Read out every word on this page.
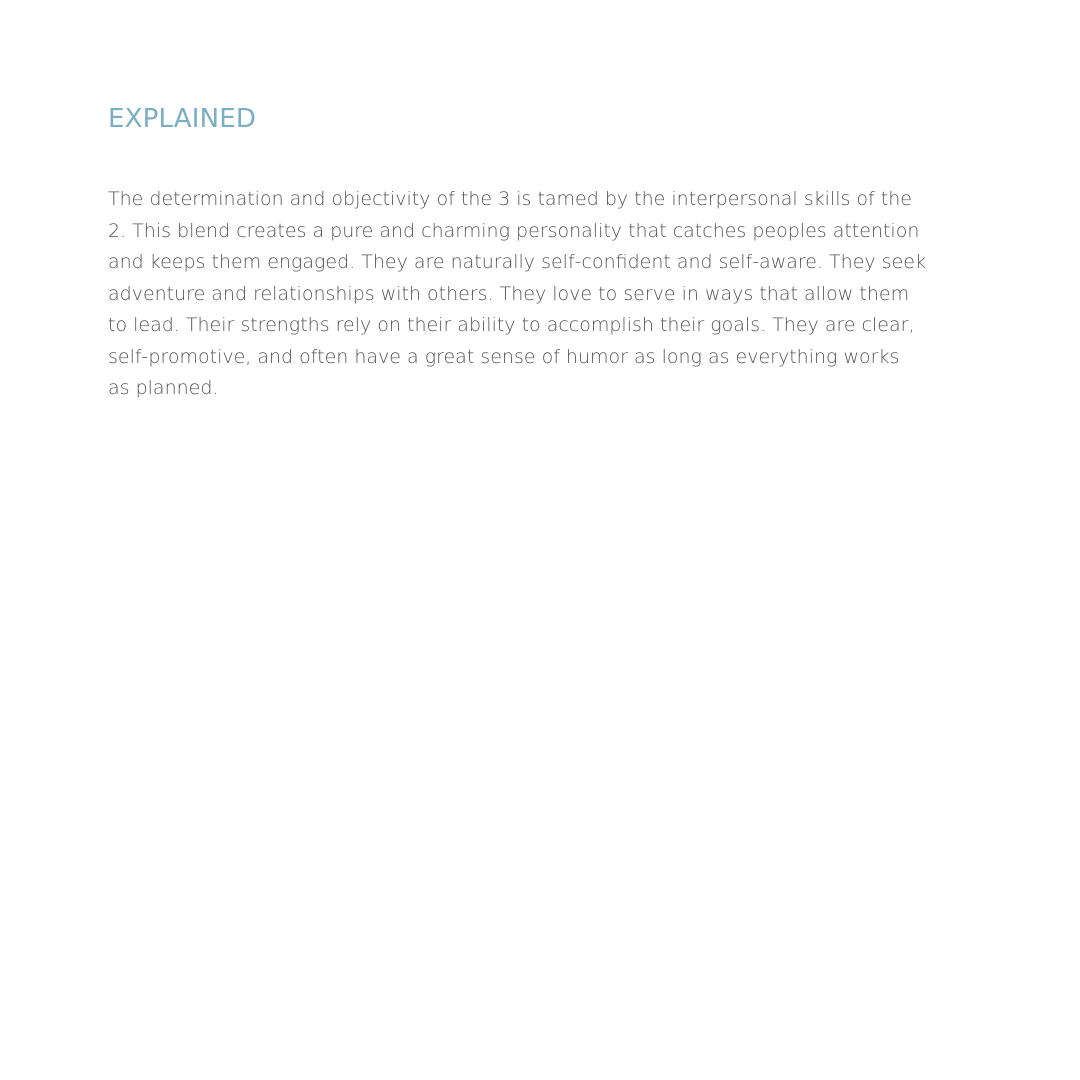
EXPLAINED

The determination and objectivity of the 3 is tamed by the interpersonal skills of the
2. This blend creates a pure and charming personality that catches peoples attention
and keeps them engaged. They are naturally self-confident and self-aware. They seek
adventure and relationships with others. They love to serve in ways that allow them
to lead. Their strengths rely on their ability to accomplish their goals. They are clear,
self-promotive, and often have a great sense of humor as long as everything works
as planned.
